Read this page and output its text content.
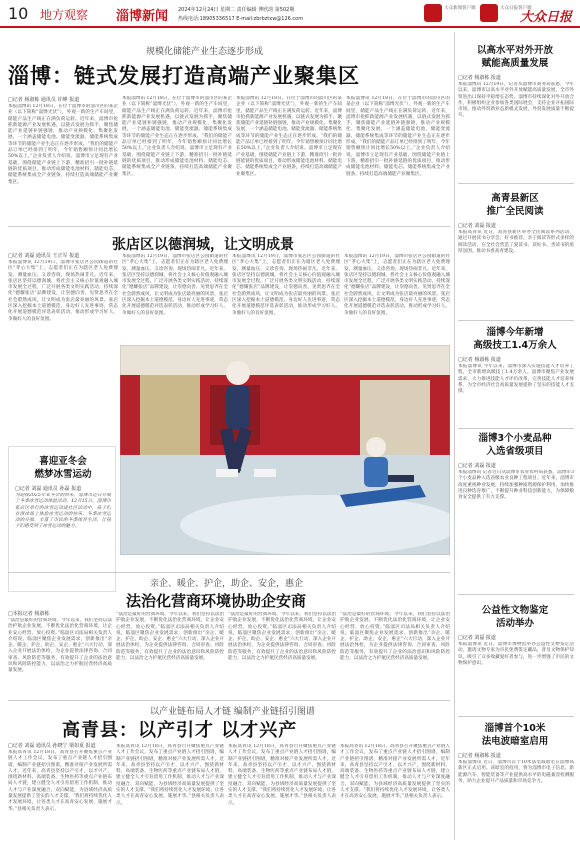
10 地方观察 淄博新闻 2024年12月24日 星期二 责任编辑 博欣韵 第502期
热线电话:18905336517 E-mail:zbrbztxw@126.com
大众新闻客户端	大众日报客户端
大众日报
规模化储能产业生态逐步形成
淄博：链式发展打造高端产业聚集区
□记者 杨淑栋 通讯员 许峰 报道
本报淄博讯 12月18日，在位于淄博市的淄川区的某企业（以下简称“淄博光伏”），外观一新的生产车间里，储能产品生产线正在满负荷运转。近年来，淄博市抢抓新能源产业发展机遇，以链式发展为抓手，聚焦储能产业延链补链强链，推动产业规模化、集聚化发展，一个涵盖储能电池、储能变流器、储能系统集成等环节的储能产业生态正在逐步形成。“我们的储能产品订单已经排到了明年，今年销售额预计同比增长50%以上。”企业负责人介绍说。淄博市立足现有产业基础，围绕储能产业链上下游，精准招引一批补链延链的优质项目，推动形成储能电池材料、储能电芯、储能系统集成全产业链条，持续打造高端储能产业聚集区。
本报淄博讯 12月18日，在位于淄博市的淄川区的某企业（以下简称“淄博光伏”），外观一新的生产车间里，储能产品生产线正在满负荷运转。近年来，淄博市抢抓新能源产业发展机遇，以链式发展为抓手，聚焦储能产业延链补链强链，推动产业规模化、集聚化发展，一个涵盖储能电池、储能变流器、储能系统集成等环节的储能产业生态正在逐步形成。“我们的储能产品订单已经排到了明年，今年销售额预计同比增长50%以上。”企业负责人介绍说。淄博市立足现有产业基础，围绕储能产业链上下游，精准招引一批补链延链的优质项目，推动形成储能电池材料、储能电芯、储能系统集成全产业链条，持续打造高端储能产业聚集区。
本报淄博讯 12月18日，在位于淄博市的淄川区的某企业（以下简称“淄博光伏”），外观一新的生产车间里，储能产品生产线正在满负荷运转。近年来，淄博市抢抓新能源产业发展机遇，以链式发展为抓手，聚焦储能产业延链补链强链，推动产业规模化、集聚化发展，一个涵盖储能电池、储能变流器、储能系统集成等环节的储能产业生态正在逐步形成。“我们的储能产品订单已经排到了明年，今年销售额预计同比增长50%以上。”企业负责人介绍说。淄博市立足现有产业基础，围绕储能产业链上下游，精准招引一批补链延链的优质项目，推动形成储能电池材料、储能电芯、储能系统集成全产业链条，持续打造高端储能产业聚集区。
本报淄博讯 12月18日，在位于淄博市的淄川区的某企业（以下简称“淄博光伏”），外观一新的生产车间里，储能产品生产线正在满负荷运转。近年来，淄博市抢抓新能源产业发展机遇，以链式发展为抓手，聚焦储能产业延链补链强链，推动产业规模化、集聚化发展，一个涵盖储能电池、储能变流器、储能系统集成等环节的储能产业生态正在逐步形成。“我们的储能产品订单已经排到了明年，今年销售额预计同比增长50%以上。”企业负责人介绍说。淄博市立足现有产业基础，围绕储能产业链上下游，精准招引一批补链延链的优质项目，推动形成储能电池材料、储能电芯、储能系统集成全产业链条，持续打造高端储能产业聚集区。
张店区以德润城，让文明成景
□记者 刘磊 通讯员 王正军 报道
本报淄博讯 12月19日，淄博市张店区公园街道的社区“孝心大集”上，志愿者们正在为辖区老人免费理发、测量血压、义诊咨询，现场热闹非凡。近年来，张店区坚持以德润城，将社会主义核心价值观融入城市发展全过程，广泛开展各类文明实践活动，持续深化“德耀张店”品牌建设，让崇德向善、见贤思齐在全社会蔚然成风，让文明成为张店最亮丽的风景。张店区深入挖掘本土道德模范、身边好人先进事迹，常态化开展道德模范评选表彰活动，推动形成学习好人、争做好人的良好氛围。
本报淄博讯 12月19日，淄博市张店区公园街道的社区“孝心大集”上，志愿者们正在为辖区老人免费理发、测量血压、义诊咨询，现场热闹非凡。近年来，张店区坚持以德润城，将社会主义核心价值观融入城市发展全过程，广泛开展各类文明实践活动，持续深化“德耀张店”品牌建设，让崇德向善、见贤思齐在全社会蔚然成风，让文明成为张店最亮丽的风景。张店区深入挖掘本土道德模范、身边好人先进事迹，常态化开展道德模范评选表彰活动，推动形成学习好人、争做好人的良好氛围。
本报淄博讯 12月19日，淄博市张店区公园街道的社区“孝心大集”上，志愿者们正在为辖区老人免费理发、测量血压、义诊咨询，现场热闹非凡。近年来，张店区坚持以德润城，将社会主义核心价值观融入城市发展全过程，广泛开展各类文明实践活动，持续深化“德耀张店”品牌建设，让崇德向善、见贤思齐在全社会蔚然成风，让文明成为张店最亮丽的风景。张店区深入挖掘本土道德模范、身边好人先进事迹，常态化开展道德模范评选表彰活动，推动形成学习好人、争做好人的良好氛围。
本报淄博讯 12月19日，淄博市张店区公园街道的社区“孝心大集”上，志愿者们正在为辖区老人免费理发、测量血压、义诊咨询，现场热闹非凡。近年来，张店区坚持以德润城，将社会主义核心价值观融入城市发展全过程，广泛开展各类文明实践活动，持续深化“德耀张店”品牌建设，让崇德向善、见贤思齐在全社会蔚然成风，让文明成为张店最亮丽的风景。张店区深入挖掘本土道德模范、身边好人先进事迹，常态化开展道德模范评选表彰活动，推动形成学习好人、争做好人的良好氛围。
喜迎亚冬会
燃梦冰雪运动
□记者 刘磊 通讯员 孙磊 报道
为迎接2025年亚冬会的到来，淄博市近日开展了冬季冰雪运动体验活动，12月15日，淄博市张店区举行的冰雪运动进社区活动中，孩子们在滑冰场上体验冰雪运动的快乐。冬季冰雪运动的开展，丰富了市民的冬季体育生活，让孩子们感受到了冰雪运动的魅力。
亲企、暖企、护企，助企、安企，惠企
法治化营商环境协助企安商
□本报记者 杨淑栋
“法治是最好的营商环境，今年以来，我们坚持以法治护航企业发展，不断优化法治化营商环境，让企业安心经营、放心投资。”临淄区司法局相关负责人介绍说。临淄区聚焦企业发展需求，创新推出“亲企、暖企、护企、助企、安企、惠企”六大行动，深入企业开展法治体检，为企业提供法律咨询、合同审查、风险防范等服务，有效提升了企业的法治意识和风险防控能力，以法治之力护航民营经济高质量发展。
“法治是最好的营商环境，今年以来，我们坚持以法治护航企业发展，不断优化法治化营商环境，让企业安心经营、放心投资。”临淄区司法局相关负责人介绍说。临淄区聚焦企业发展需求，创新推出“亲企、暖企、护企、助企、安企、惠企”六大行动，深入企业开展法治体检，为企业提供法律咨询、合同审查、风险防范等服务，有效提升了企业的法治意识和风险防控能力，以法治之力护航民营经济高质量发展。
“法治是最好的营商环境，今年以来，我们坚持以法治护航企业发展，不断优化法治化营商环境，让企业安心经营、放心投资。”临淄区司法局相关负责人介绍说。临淄区聚焦企业发展需求，创新推出“亲企、暖企、护企、助企、安企、惠企”六大行动，深入企业开展法治体检，为企业提供法律咨询、合同审查、风险防范等服务，有效提升了企业的法治意识和风险防控能力，以法治之力护航民营经济高质量发展。
“法治是最好的营商环境，今年以来，我们坚持以法治护航企业发展，不断优化法治化营商环境，让企业安心经营、放心投资。”临淄区司法局相关负责人介绍说。临淄区聚焦企业发展需求，创新推出“亲企、暖企、护企、助企、安企、惠企”六大行动，深入企业开展法治体检，为企业提供法律咨询、合同审查、风险防范等服务，有效提升了企业的法治意识和风险防控能力，以法治之力护航民营经济高质量发展。
以产业链布局人才链 编制产业链招引图谱
高青县：以产引才 以才兴产
□记者 刘磊 通讯员 孙晓宁 梁如夏 报道
本报高青讯 12月18日，高青县召开聚焦重点产业链人才工作会议，发布了重点产业链人才招引图谱，编制产业链招引图谱，精准对接产业发展所需人才。近年来，高青县坚持以产引才、以才兴产，围绕新材料、高端装备、生物医药等重点产业链布局人才链，建立健全人才引育留用工作机制，推动人才与产业深度融合、双向赋能，为县域经济高质量发展提供了坚实的人才支撑。“我们将持续优化人才发展环境，让各类人才在高青安心发展、施展才华。”县相关负责人表示。
本报高青讯 12月18日，高青县召开聚焦重点产业链人才工作会议，发布了重点产业链人才招引图谱，编制产业链招引图谱，精准对接产业发展所需人才。近年来，高青县坚持以产引才、以才兴产，围绕新材料、高端装备、生物医药等重点产业链布局人才链，建立健全人才引育留用工作机制，推动人才与产业深度融合、双向赋能，为县域经济高质量发展提供了坚实的人才支撑。“我们将持续优化人才发展环境，让各类人才在高青安心发展、施展才华。”县相关负责人表示。
本报高青讯 12月18日，高青县召开聚焦重点产业链人才工作会议，发布了重点产业链人才招引图谱，编制产业链招引图谱，精准对接产业发展所需人才。近年来，高青县坚持以产引才、以才兴产，围绕新材料、高端装备、生物医药等重点产业链布局人才链，建立健全人才引育留用工作机制，推动人才与产业深度融合、双向赋能，为县域经济高质量发展提供了坚实的人才支撑。“我们将持续优化人才发展环境，让各类人才在高青安心发展、施展才华。”县相关负责人表示。
本报高青讯 12月18日，高青县召开聚焦重点产业链人才工作会议，发布了重点产业链人才招引图谱，编制产业链招引图谱，精准对接产业发展所需人才。近年来，高青县坚持以产引才、以才兴产，围绕新材料、高端装备、生物医药等重点产业链布局人才链，建立健全人才引育留用工作机制，推动人才与产业深度融合、双向赋能，为县域经济高质量发展提供了坚实的人才支撑。“我们将持续优化人才发展环境，让各类人才在高青安心发展、施展才华。”县相关负责人表示。
以高水平对外开放
赋能高质量发展
□记者 杨淑栋 报道
本报淄博讯 12月19日，记者从淄博市商务局获悉，今年以来，淄博市以高水平对外开放赋能高质量发展，全市外贸进出口保持平稳增长态势。淄博市持续深化对外开放合作，积极组织企业参加各类国际展会，支持企业开拓国际市场，推动外贸新业态新模式发展，外贸发展质量不断提升。
高青县新区
推广全民阅读
□记者 刘磊 报道
本报高青讯 近日，高青县新区举办全民阅读系列活动，通过开展读书分享会、好书推荐、亲子阅读等形式多样的阅读活动，在全社会营造了爱读书、读好书、善读书的浓厚氛围，推动书香高青建设。
淄博今年新增
高级技工1.4万余人
□记者 杨淑栋 报道
本报淄博讯 今年以来，淄博市深入实施技能人才培养工程，全市新增高级技工1.4万余人。淄博市聚焦产业发展需求，大力推进技能人才评价改革，完善技能人才培养体系，为全市经济社会高质量发展提供了坚实的技能人才支撑。
淄博3个小麦品种
入选省级项目
□记者 刘磊 报道
本报淄博讯 记者近日从淄博市农业农村局获悉，淄博市3个小麦品种入选省级农业良种工程项目。近年来，淄博市高度重视种业发展，持续加强种质资源保护利用，加快推进良种选育推广，不断提升种业科技创新能力，为保障粮食安全提供了有力支撑。
公益性文物鉴定
活动举办
□记者 刘磊 报道
本报淄博讯 近日，淄博市博物馆举办公益性文物鉴定活动，邀请文物专家为市民免费鉴定藏品，普及文物保护知识，吸引了众多收藏爱好者参与，进一步增强了市民的文物保护意识。
淄博首个10米
法电波暗室启用
□记者 杨淑栋 报道
本报淄博讯 近日，淄博市首个10米法电波暗室在淄博高新区正式启用。该暗室的投用，将为淄博市电子信息、新能源汽车、智能装备等产业提供高水平的电磁兼容检测服务，助力企业提升产品质量和市场竞争力。
